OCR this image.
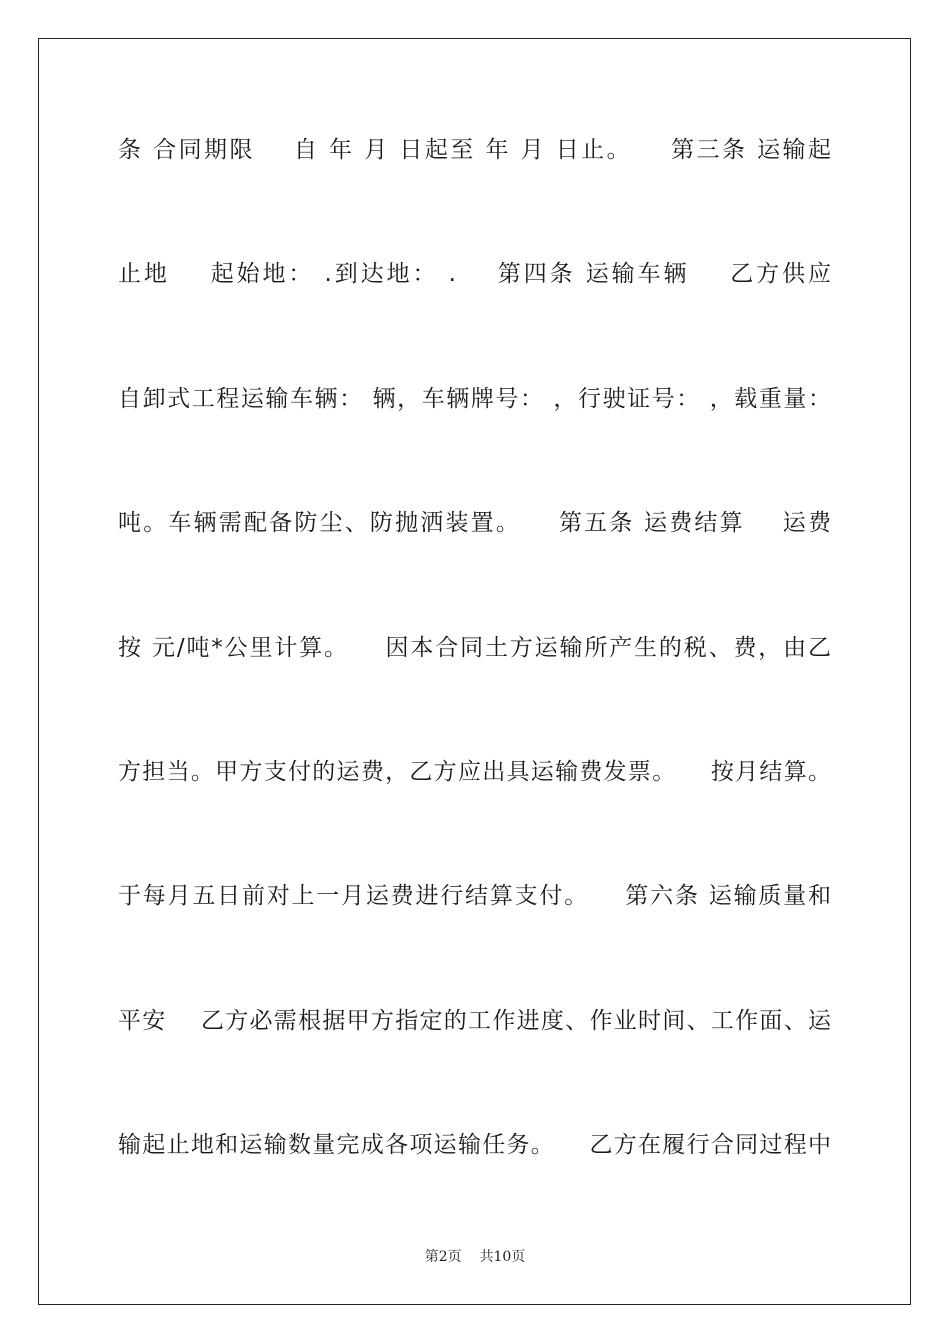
条 合同期限    自 年 月 日起至 年 月 日止。    第三条 运输起
止地    起始地： .到达地： .    第四条 运输车辆    乙方供应
自卸式工程运输车辆： 辆，车辆牌号： ，行驶证号： ，载重量：
吨。车辆需配备防尘、防抛洒装置。    第五条 运费结算    运费
按 元/吨*公里计算。    因本合同土方运输所产生的税、费，由乙
方担当。甲方支付的运费，乙方应出具运输费发票。    按月结算。
于每月五日前对上一月运费进行结算支付。    第六条 运输质量和
平安    乙方必需根据甲方指定的工作进度、作业时间、工作面、运
输起止地和运输数量完成各项运输任务。    乙方在履行合同过程中
第2页 共10页
